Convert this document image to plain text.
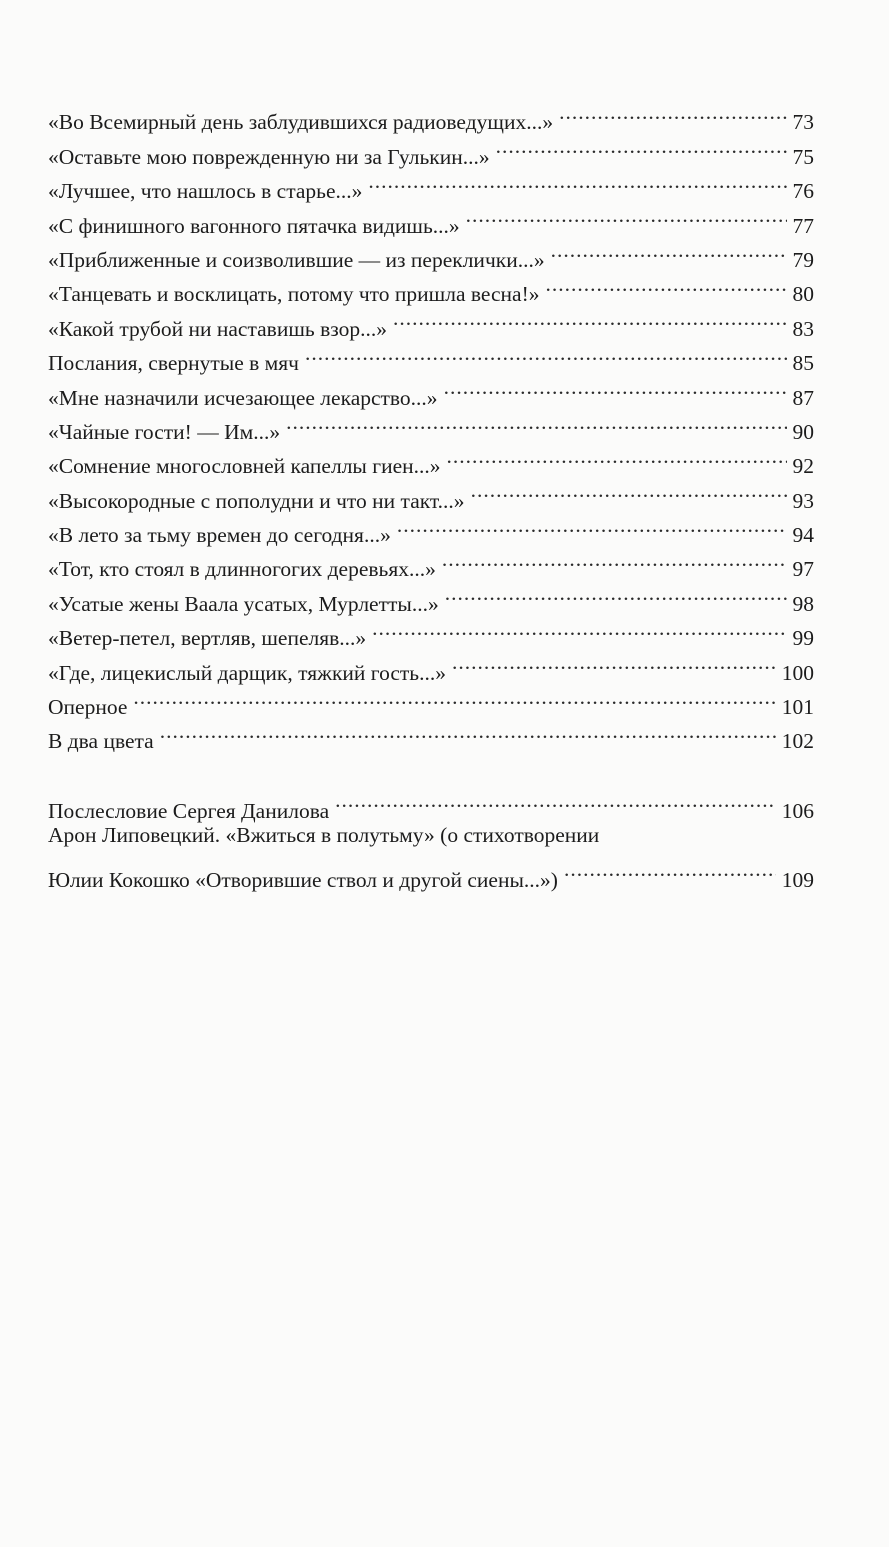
«Во Всемирный день заблудившихся радиоведущих...» .....	73
«Оставьте мою поврежденную ни за Гулькин...» .....	75
«Лучшее, что нашлось в старье...» .....	76
«С финишного вагонного пятачка видишь...» .....	77
«Приближенные и соизволившие — из переклички...» .....	79
«Танцевать и восклицать, потому что пришла весна!» .....	80
«Какой трубой ни наставишь взор...» .....	83
Послания, свернутые в мяч .....	85
«Мне назначили исчезающее лекарство...» .....	87
«Чайные гости! — Им...» .....	90
«Сомнение многословней капеллы гиен...» .....	92
«Высокородные с пополудни и что ни такт...» .....	93
«В лето за тьму времен до сегодня...» .....	94
«Тот, кто стоял в длинногогих деревьях...» .....	97
«Усатые жены Ваала усатых, Мурлетты...» .....	98
«Ветер-петел, вертляв, шепеляв...» .....	99
«Где, лицекислый дарщик, тяжкий гость...» .....	100
Оперное .....	101
В два цвета .....	102
Послесловие Сергея Данилова .....	106
Арон Липовецкий. «Вжиться в полутьму» (о стихотворении
Юлии Кокошко «Отворившие ствол и другой сиены...») .....	109
